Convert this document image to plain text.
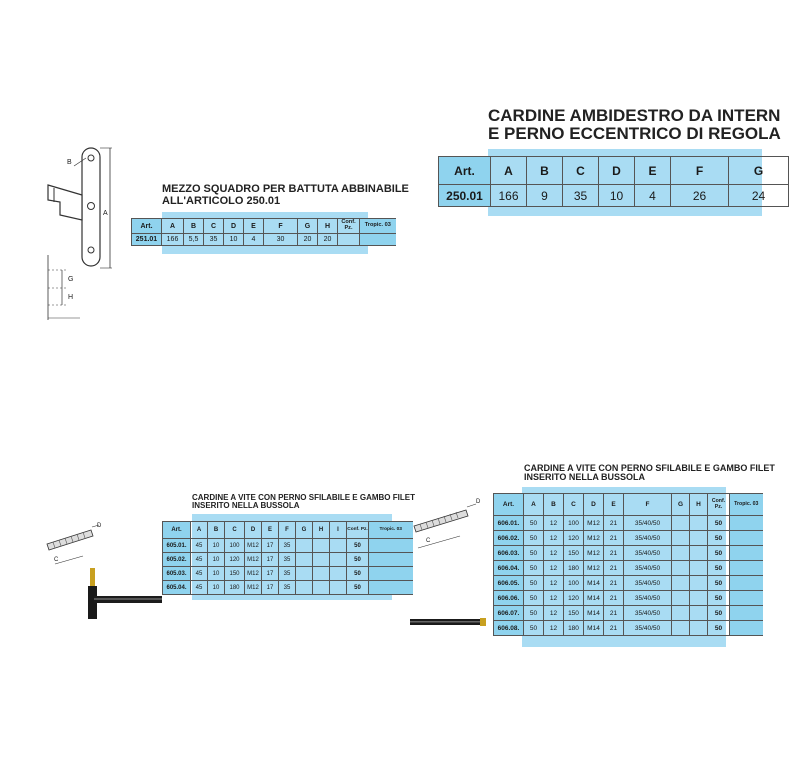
B
A
G
H
MEZZO SQUADRO PER BATTUTA ABBINABILE
ALL'ARTICOLO 250.01
Art.	A	B	C	D	E	F	G	H	Conf. Pz.	Tropic. 03
251.01	166	5,5	35	10	4	30	20	20		
CARDINE AMBIDESTRO DA INTERN
E PERNO ECCENTRICO DI REGOLA
Art.	A	B	C	D	E	F	G
250.01	166	9	35	10	4	26	24
D
C
CARDINE A VITE CON PERNO SFILABILE E GAMBO FILET
INSERITO NELLA BUSSOLA
Art.	A	B	C	D	E	F	G	H	I	Conf. Pz.	Tropic. 03
605.01.	45	10	100	M12	17	35				50	
605.02.	45	10	120	M12	17	35				50	
605.03.	45	10	150	M12	17	35				50	
605.04.	45	10	180	M12	17	35				50	
D
C
CARDINE A VITE CON PERNO SFILABILE E GAMBO FILET
INSERITO NELLA BUSSOLA
Art.	A	B	C	D	E	F	G	H	Conf. Pz.	Tropic. 03
606.01.	50	12	100	M12	21	35/40/50			50	
606.02.	50	12	120	M12	21	35/40/50			50	
606.03.	50	12	150	M12	21	35/40/50			50	
606.04.	50	12	180	M12	21	35/40/50			50	
606.05.	50	12	100	M14	21	35/40/50			50	
606.06.	50	12	120	M14	21	35/40/50			50	
606.07.	50	12	150	M14	21	35/40/50			50	
606.08.	50	12	180	M14	21	35/40/50			50	
